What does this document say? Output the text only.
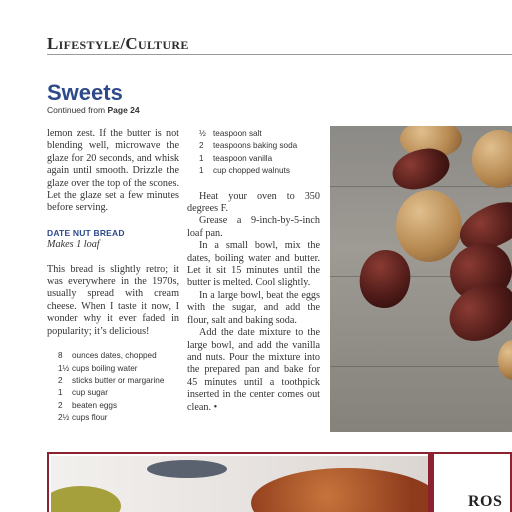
Lifestyle/Culture
Sweets
Continued from Page 24

lemon zest. If the butter is not blending well, microwave the glaze for 20 seconds, and whisk again until smooth. Drizzle the glaze over the top of the scones. Let the glaze set a few minutes before serving.

DATE NUT BREAD
Makes 1 loaf

This bread is slightly retro; it was everywhere in the 1970s, usually spread with cream cheese. When I taste it now, I wonder why it ever faded in popularity; it’s delicious!

8	ounces dates, chopped
1½ cups boiling water
2	sticks butter or margarine
1	cup sugar
2	beaten eggs
2½ cups flour
½ teaspoon salt
2	teaspoons baking soda
1	teaspoon vanilla
1	cup chopped walnuts

Heat your oven to 350 degrees F.

Grease a 9-inch-by-5-inch loaf pan.

In a small bowl, mix the dates, boiling water and butter. Let it sit 15 minutes until the butter is melted. Cool slightly.

In a large bowl, beat the eggs with the sugar, and add the flour, salt and baking soda.

Add the date mixture to the large bowl, and add the vanilla and nuts. Pour the mixture into the prepared pan and bake for 45 minutes until a toothpick inserted in the center comes out clean. •

ROS
